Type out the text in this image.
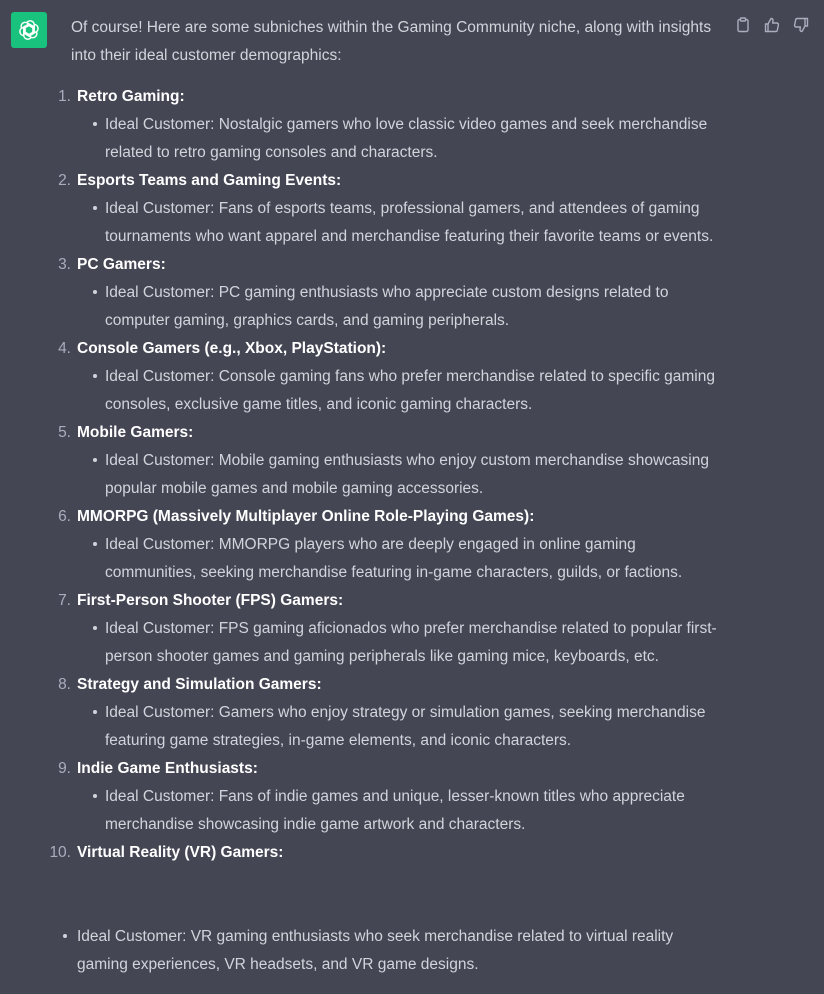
Of course! Here are some subniches within the Gaming Community niche, along with insights into their ideal customer demographics:

1. Retro Gaming:
Ideal Customer: Nostalgic gamers who love classic video games and seek merchandise related to retro gaming consoles and characters.
2. Esports Teams and Gaming Events:
Ideal Customer: Fans of esports teams, professional gamers, and attendees of gaming tournaments who want apparel and merchandise featuring their favorite teams or events.
3. PC Gamers:
Ideal Customer: PC gaming enthusiasts who appreciate custom designs related to computer gaming, graphics cards, and gaming peripherals.
4. Console Gamers (e.g., Xbox, PlayStation):
Ideal Customer: Console gaming fans who prefer merchandise related to specific gaming consoles, exclusive game titles, and iconic gaming characters.
5. Mobile Gamers:
Ideal Customer: Mobile gaming enthusiasts who enjoy custom merchandise showcasing popular mobile games and mobile gaming accessories.
6. MMORPG (Massively Multiplayer Online Role-Playing Games):
Ideal Customer: MMORPG players who are deeply engaged in online gaming communities, seeking merchandise featuring in-game characters, guilds, or factions.
7. First-Person Shooter (FPS) Gamers:
Ideal Customer: FPS gaming aficionados who prefer merchandise related to popular first-person shooter games and gaming peripherals like gaming mice, keyboards, etc.
8. Strategy and Simulation Gamers:
Ideal Customer: Gamers who enjoy strategy or simulation games, seeking merchandise featuring game strategies, in-game elements, and iconic characters.
9. Indie Game Enthusiasts:
Ideal Customer: Fans of indie games and unique, lesser-known titles who appreciate merchandise showcasing indie game artwork and characters.
10. Virtual Reality (VR) Gamers:
Ideal Customer: VR gaming enthusiasts who seek merchandise related to virtual reality gaming experiences, VR headsets, and VR game designs.
